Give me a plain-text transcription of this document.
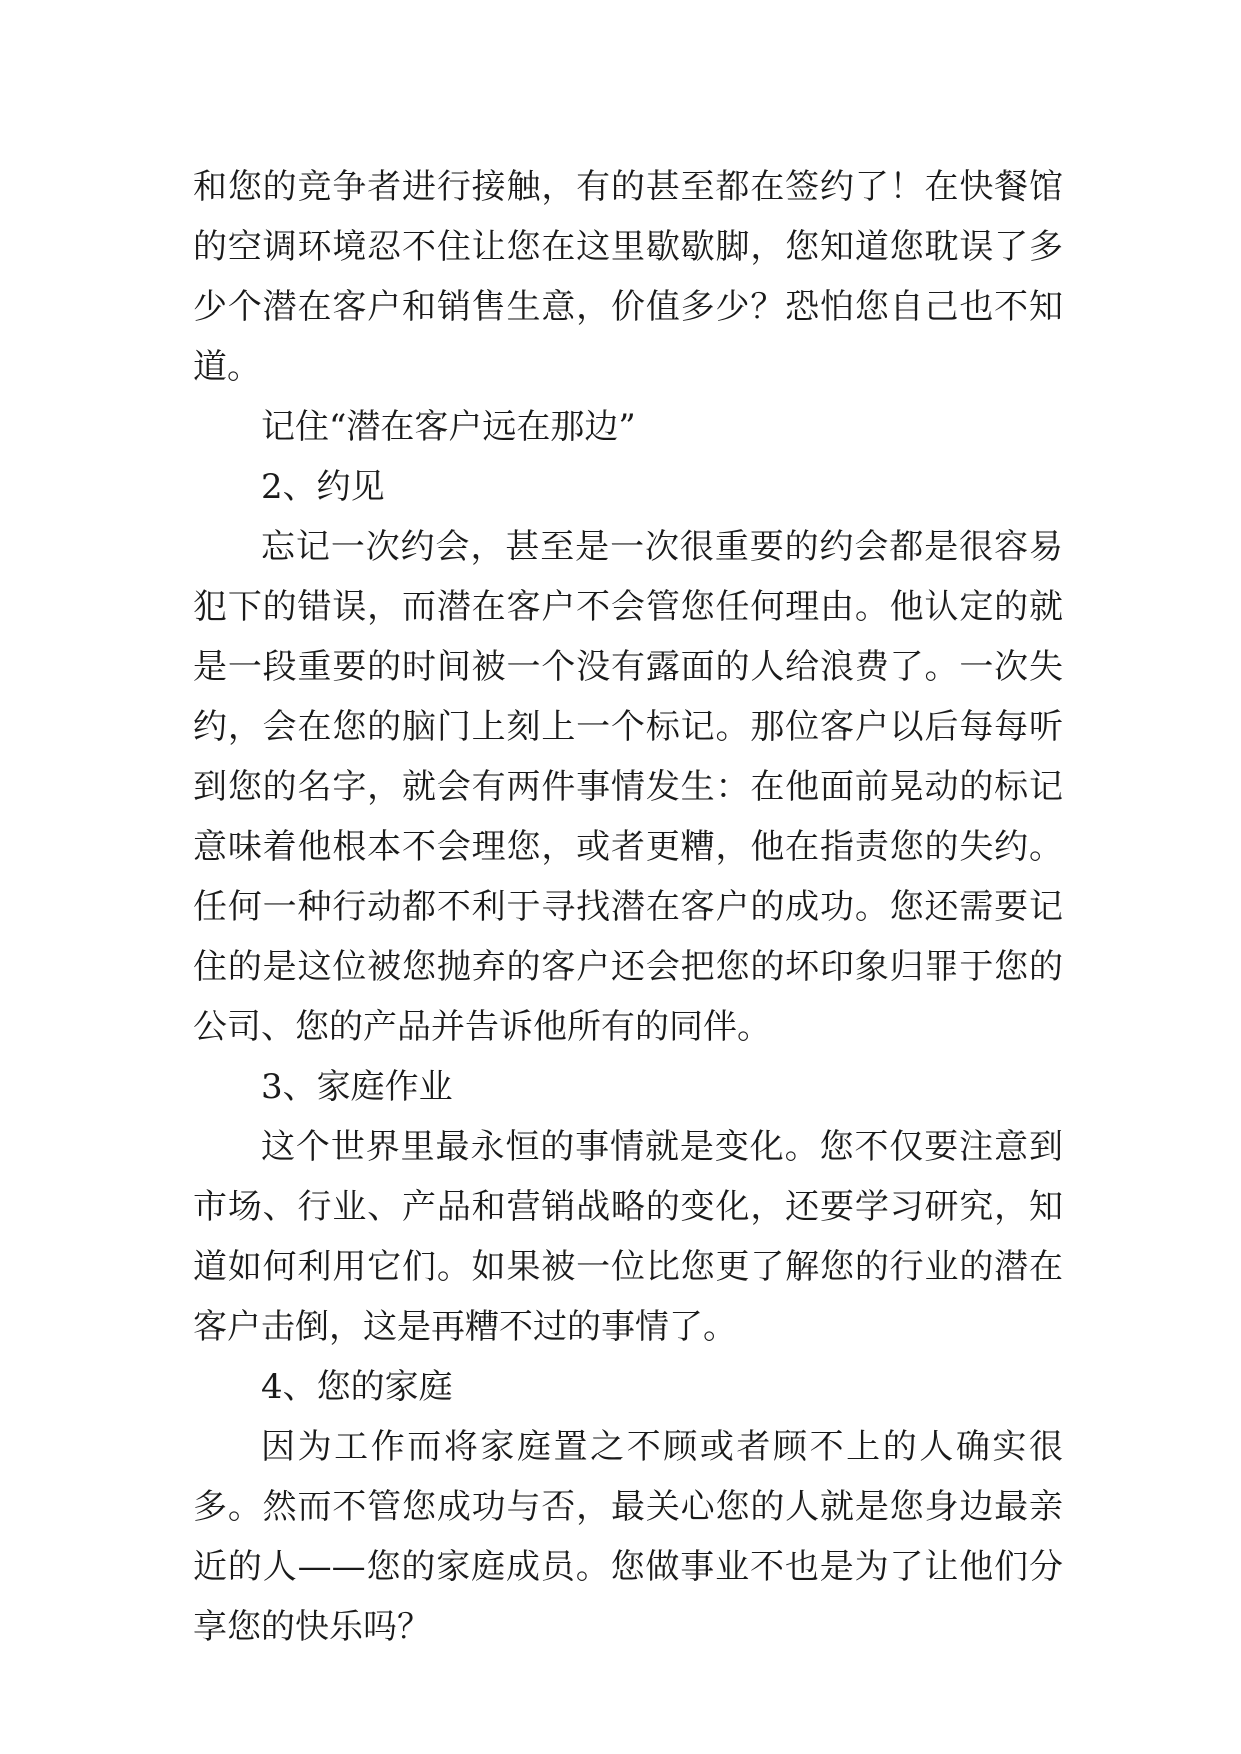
和您的竞争者进行接触，有的甚至都在签约了！在快餐馆的空调环境忍不住让您在这里歇歇脚，您知道您耽误了多少个潜在客户和销售生意，价值多少？恐怕您自己也不知道。

记住“潜在客户远在那边”

2、约见

忘记一次约会，甚至是一次很重要的约会都是很容易犯下的错误，而潜在客户不会管您任何理由。他认定的就是一段重要的时间被一个没有露面的人给浪费了。一次失约，会在您的脑门上刻上一个标记。那位客户以后每每听到您的名字，就会有两件事情发生：在他面前晃动的标记意味着他根本不会理您，或者更糟，他在指责您的失约。任何一种行动都不利于寻找潜在客户的成功。您还需要记住的是这位被您抛弃的客户还会把您的坏印象归罪于您的公司、您的产品并告诉他所有的同伴。

3、家庭作业

这个世界里最永恒的事情就是变化。您不仅要注意到市场、行业、产品和营销战略的变化，还要学习研究，知道如何利用它们。如果被一位比您更了解您的行业的潜在客户击倒，这是再糟不过的事情了。

4、您的家庭

因为工作而将家庭置之不顾或者顾不上的人确实很多。然而不管您成功与否，最关心您的人就是您身边最亲近的人——您的家庭成员。您做事业不也是为了让他们分享您的快乐吗？
